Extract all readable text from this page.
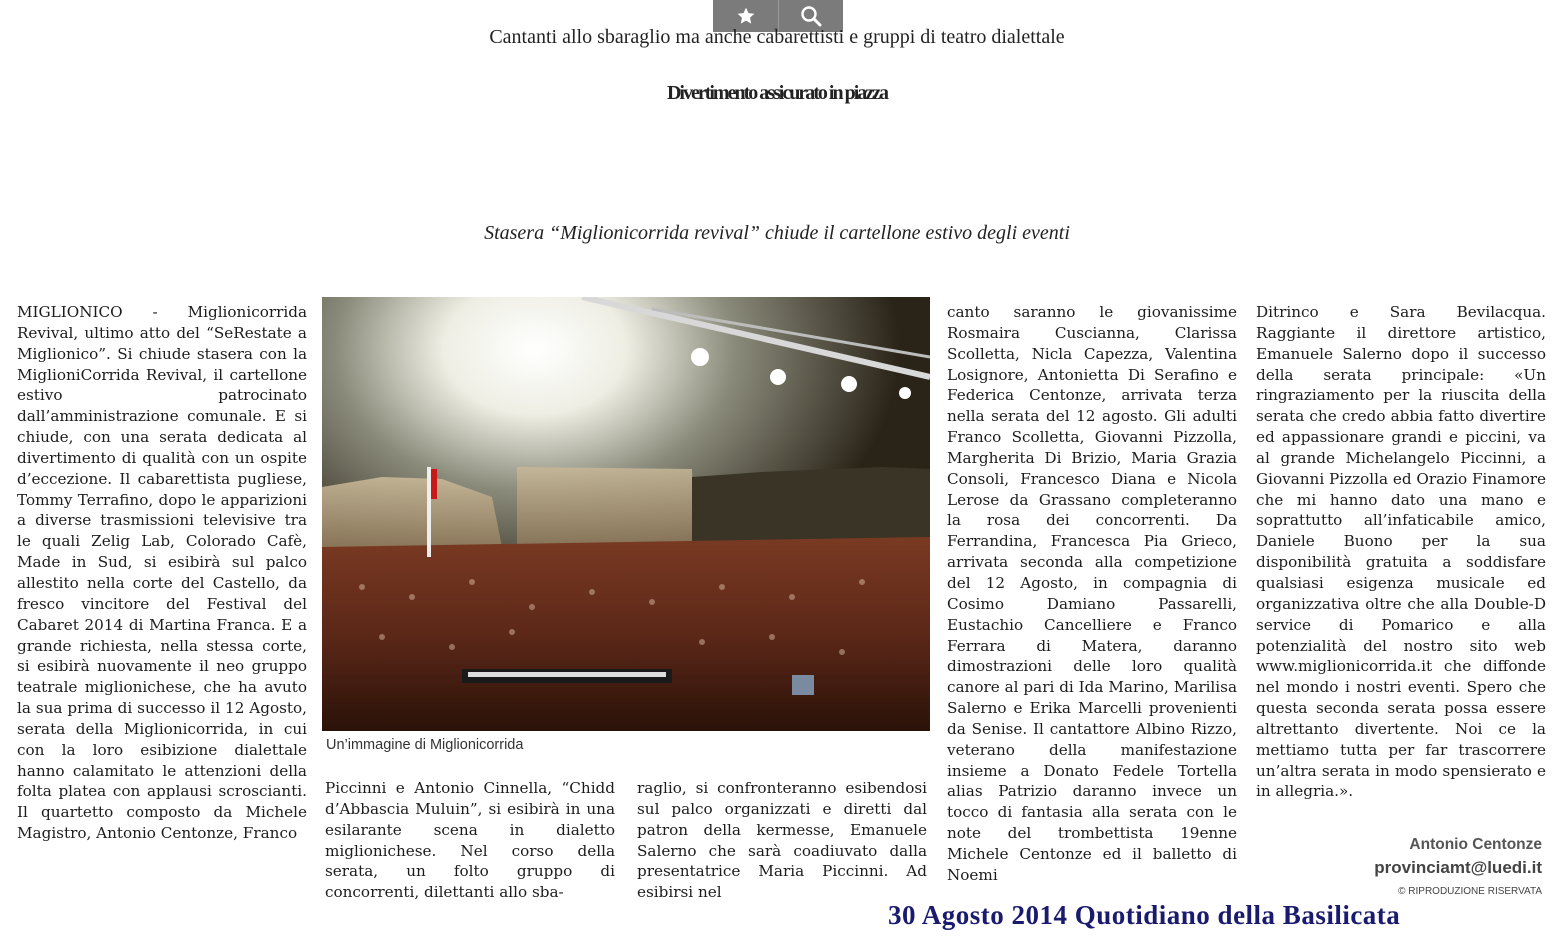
Cantanti allo sbaraglio ma anche cabarettisti e gruppi di teatro dialettale
Divertimento assicurato in piazza
Stasera “Miglionicorrida revival” chiude il cartellone estivo degli eventi

MIGLIONICO - Miglionicorrida Revival, ultimo atto del “SeRestate a Miglionico”. Si chiude stasera con la MiglioniCorrida Revival, il cartellone estivo patrocinato dall’amministrazione comunale. E si chiude, con una serata dedicata al divertimento di qualità con un ospite d’eccezione. Il cabarettista pugliese, Tommy Terrafino, dopo le apparizioni a diverse trasmissioni televisive tra le quali Zelig Lab, Colorado Cafè, Made in Sud, si esibirà sul palco allestito nella corte del Castello, da fresco vincitore del Festival del Cabaret 2014 di Martina Franca. E a grande richiesta, nella stessa corte, si esibirà nuovamente il neo gruppo teatrale miglionichese, che ha avuto la sua prima di successo il 12 Agosto, serata della Miglionicorrida, in cui con la loro esibizione dialettale hanno calamitato le attenzioni della folta platea con applausi scroscianti. Il quartetto composto da Michele Magistro, Antonio Centonze, Franco

Piccinni e Antonio Cinnella, “Chidd d’Abbascia Muluin”, si esibirà in una esilarante scena in dialetto miglionichese. Nel corso della serata, un folto gruppo di concorrenti, dilettanti allo sba-

raglio, si confronteranno esibendosi sul palco organizzati e diretti dal patron della kermesse, Emanuele Salerno che sarà coadiuvato dalla presentatrice Maria Piccinni. Ad esibirsi nel

canto saranno le giovanissime Rosmaira Cuscianna, Clarissa Scolletta, Nicla Capezza, Valentina Losignore, Antonietta Di Serafino e Federica Centonze, arrivata terza nella serata del 12 agosto. Gli adulti Franco Scolletta, Giovanni Pizzolla, Margherita Di Brizio, Maria Grazia Consoli, Francesco Diana e Nicola Lerose da Grassano completeranno la rosa dei concorrenti. Da Ferrandina, Francesca Pia Grieco, arrivata seconda alla competizione del 12 Agosto, in compagnia di Cosimo Damiano Passarelli, Eustachio Cancelliere e Franco Ferrara di Matera, daranno dimostrazioni delle loro qualità canore al pari di Ida Marino, Marilisa Salerno e Erika Marcelli provenienti da Senise. Il cantattore Albino Rizzo, veterano della manifestazione insieme a Donato Fedele Tortella alias Patrizio daranno invece un tocco di fantasia alla serata con le note del trombettista 19enne Michele Centonze ed il balletto di Noemi

Ditrinco e Sara Bevilacqua. Raggiante il direttore artistico, Emanuele Salerno dopo il successo della serata principale: «Un ringraziamento per la riuscita della serata che credo abbia fatto divertire ed appassionare grandi e piccini, va al grande Michelangelo Piccinni, a Giovanni Pizzolla ed Orazio Finamore che mi hanno dato una mano e soprattutto all’infaticabile amico, Daniele Buono per la sua disponibilità gratuita a soddisfare qualsiasi esigenza musicale ed organizzativa oltre che alla Double-D service di Pomarico e alla potenzialità del nostro sito web www.miglionicorrida.it che diffonde nel mondo i nostri eventi. Spero che questa seconda serata possa essere altrettanto divertente. Noi ce la mettiamo tutta per far trascorrere un’altra serata in modo spensierato e in allegria.».

Un’immagine di Miglionicorrida
Antonio Centonze
provinciamt@luedi.it
© RIPRODUZIONE RISERVATA
30 Agosto 2014 Quotidiano della Basilicata
